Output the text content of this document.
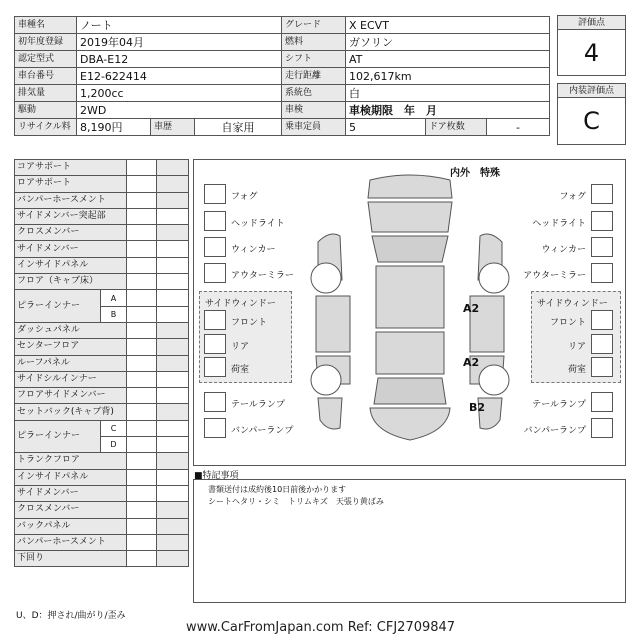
車種名	ノート			グレード	X ECVT		
初年度登録	2019年04月			燃料	ガソリン		
認定型式	DBA-E12			シフト	AT		
車台番号	E12-622414			走行距離	102,617km		
排気量	1,200cc			系統色	白		
駆動	2WD			車検	車検期限　年　月		
リサイクル料	8,190円	車歴	自家用	乗車定員	5	ドア枚数	-
評価点
4
内装評価点
C
コアサポート			
ロアサポート			
バンパーホースメント			
サイドメンバー突起部			
クロスメンバー			
サイドメンバー			
インサイドパネル			
フロア（キャブ床）			
ピラーインナー	A		
	B		
ダッシュパネル			
センターフロア			
ルーフパネル			
サイドシルインナー			
フロアサイドメンバー			
セットバック(キャブ背)			
ピラーインナー	C		
	D		
トランクフロア			
インサイドパネル			
サイドメンバー			
クロスメンバー			
バックパネル			
バンパーホースメント			
下回り			
U、D：押され/曲がり/歪み
内外　特殊
フォグ
ヘッドライト
ウィンカー
アウターミラー
サイドウィンドー
フロント
リア
荷室
テールランプ
バンパーランプ
フォグ
ヘッドライト
ウィンカー
アウターミラー
サイドウィンドー
フロント
リア
荷室
テールランプ
バンパーランプ
A2
A2
B2
■特記事項
書類送付は成約後10日前後かかります
シートヘタリ・シミ　トリムキズ　天張り黄ばみ
www.CarFromJapan.com Ref: CFJ2709847
